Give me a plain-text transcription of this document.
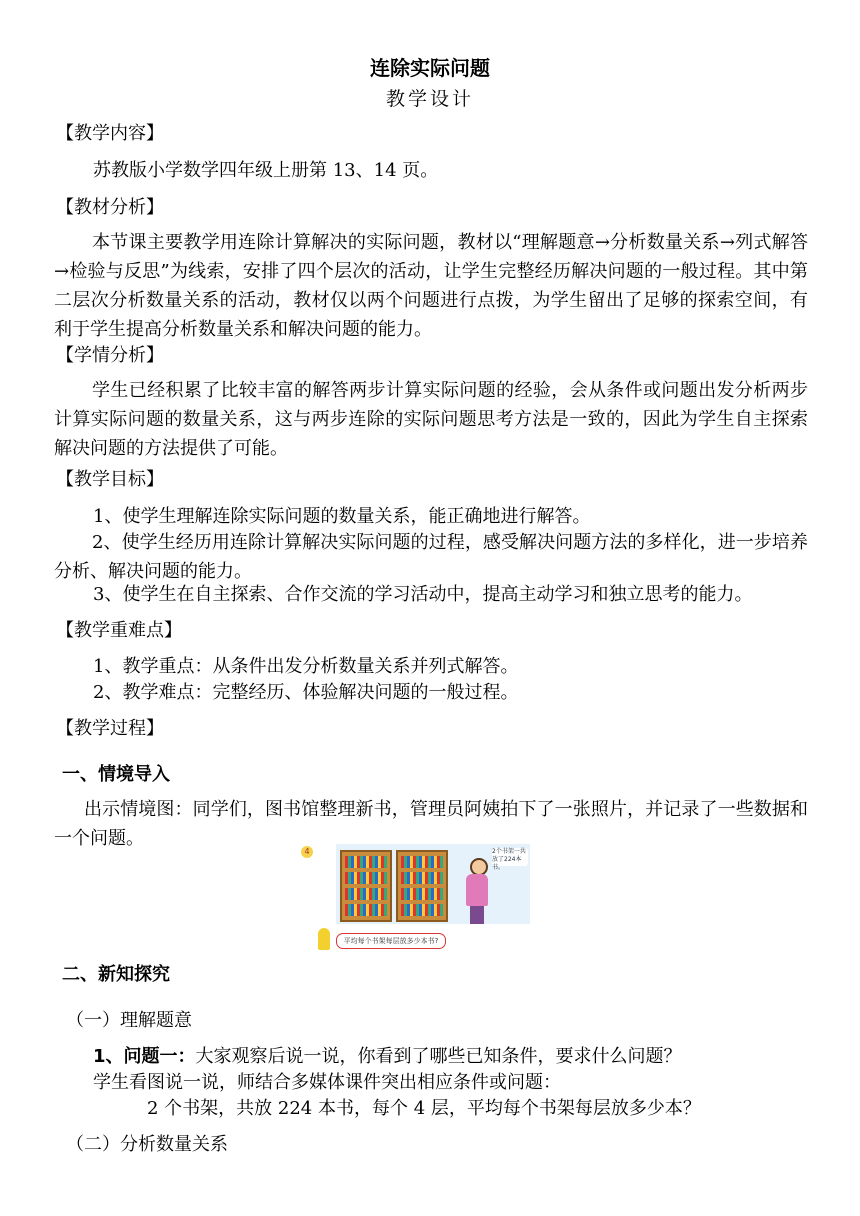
连除实际问题
教学设计
【教学内容】
苏教版小学数学四年级上册第 13、14 页。
【教材分析】
本节课主要教学用连除计算解决的实际问题，教材以“理解题意→分析数量关系→列式解答→检验与反思”为线索，安排了四个层次的活动，让学生完整经历解决问题的一般过程。其中第二层次分析数量关系的活动，教材仅以两个问题进行点拨，为学生留出了足够的探索空间，有利于学生提高分析数量关系和解决问题的能力。
【学情分析】
学生已经积累了比较丰富的解答两步计算实际问题的经验，会从条件或问题出发分析两步计算实际问题的数量关系，这与两步连除的实际问题思考方法是一致的，因此为学生自主探索解决问题的方法提供了可能。
【教学目标】
1、使学生理解连除实际问题的数量关系，能正确地进行解答。
2、使学生经历用连除计算解决实际问题的过程，感受解决问题方法的多样化，进一步培养分析、解决问题的能力。
3、使学生在自主探索、合作交流的学习活动中，提高主动学习和独立思考的能力。
【教学重难点】
1、教学重点：从条件出发分析数量关系并列式解答。
2、教学难点：完整经历、体验解决问题的一般过程。
【教学过程】
一、情境导入
出示情境图：同学们，图书馆整理新书，管理员阿姨拍下了一张照片，并记录了一些数据和一个问题。
4	2个书架一共放了224本书。
平均每个书架每层放多少本书?
二、新知探究
（一）理解题意
1、问题一：大家观察后说一说，你看到了哪些已知条件，要求什么问题？
学生看图说一说，师结合多媒体课件突出相应条件或问题：
2 个书架，共放 224 本书，每个 4 层，平均每个书架每层放多少本？
（二）分析数量关系
